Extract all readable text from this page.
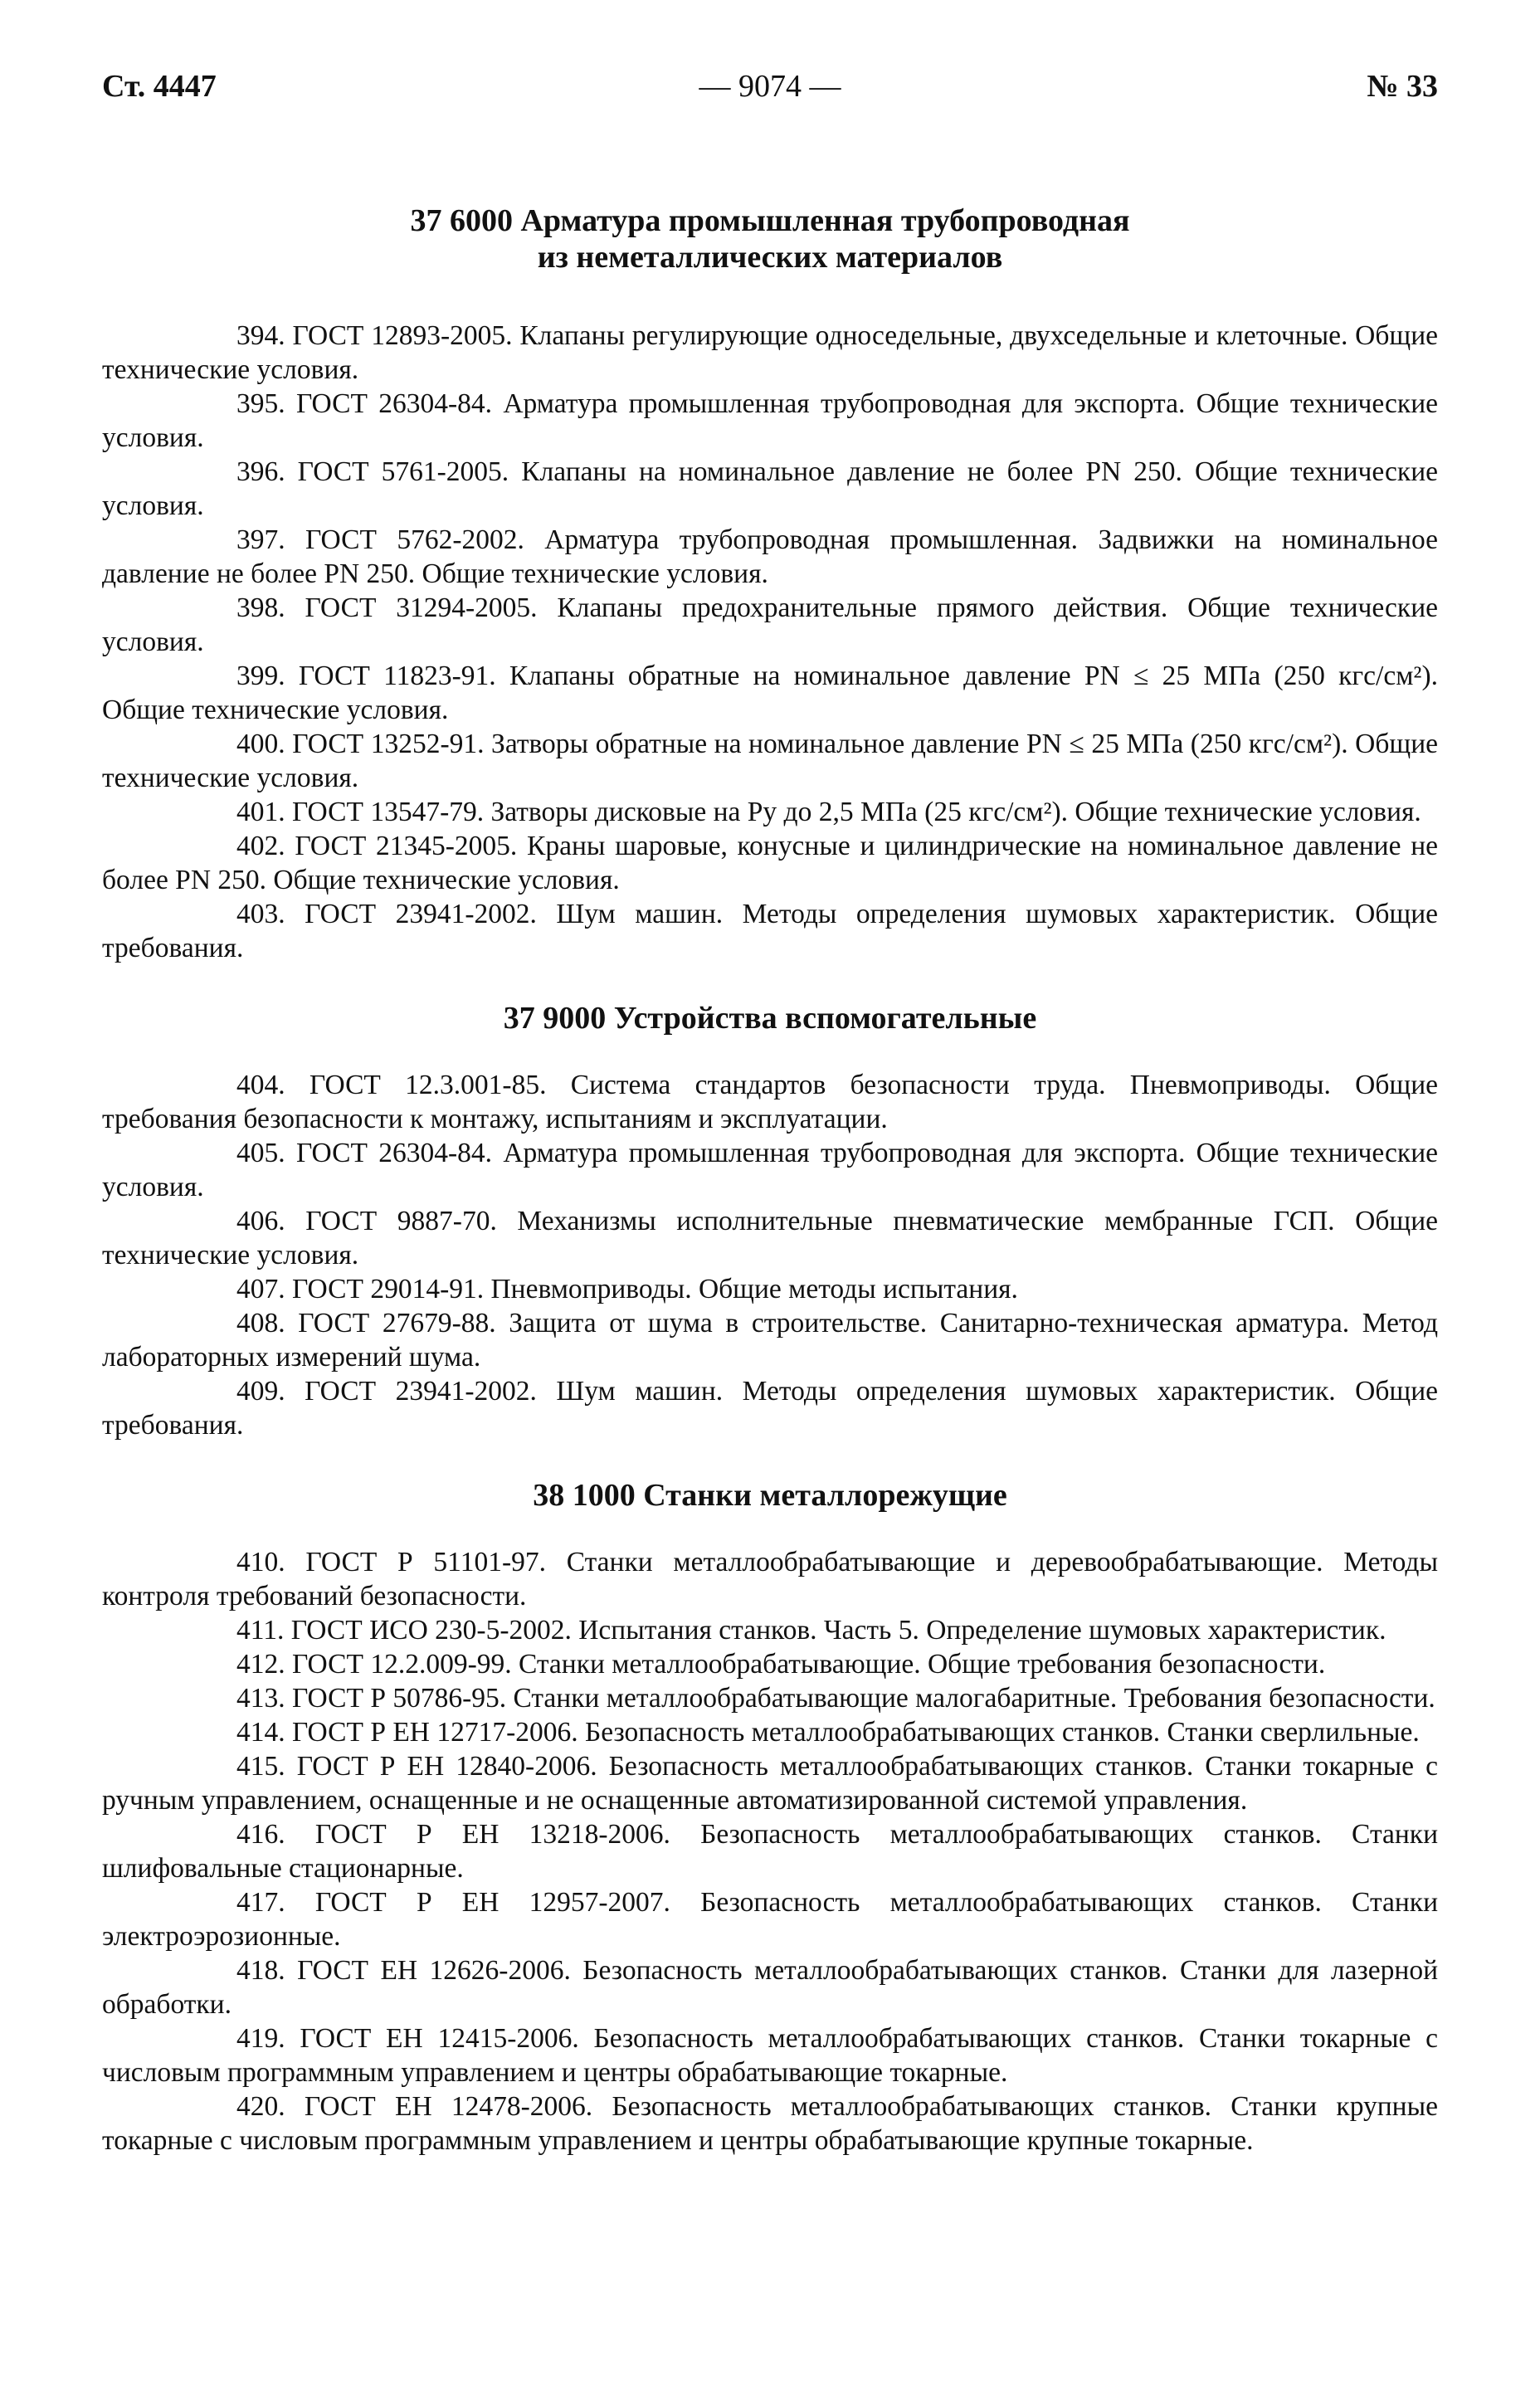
Ст. 4447	— 9074 —	№ 33
37 6000 Арматура промышленная трубопроводная
из неметаллических материалов

394. ГОСТ 12893-2005. Клапаны регулирующие односедельные, двухседельные и клеточные. Общие технические условия.

395. ГОСТ 26304-84. Арматура промышленная трубопроводная для экспорта. Общие технические условия.

396. ГОСТ 5761-2005. Клапаны на номинальное давление не более PN 250. Общие технические условия.

397. ГОСТ 5762-2002. Арматура трубопроводная промышленная. Задвижки на номинальное давление не более PN 250. Общие технические условия.

398. ГОСТ 31294-2005. Клапаны предохранительные прямого действия. Общие технические условия.

399. ГОСТ 11823-91. Клапаны обратные на номинальное давление PN ≤ 25 МПа (250 кгс/см²). Общие технические условия.

400. ГОСТ 13252-91. Затворы обратные на номинальное давление PN ≤ 25 МПа (250 кгс/см²). Общие технические условия.

401. ГОСТ 13547-79. Затворы дисковые на Pу до 2,5 МПа (25 кгс/см²). Общие технические условия.

402. ГОСТ 21345-2005. Краны шаровые, конусные и цилиндрические на номинальное давление не более PN 250. Общие технические условия.

403. ГОСТ 23941-2002. Шум машин. Методы определения шумовых характеристик. Общие требования.

37 9000 Устройства вспомогательные

404. ГОСТ 12.3.001-85. Система стандартов безопасности труда. Пневмоприводы. Общие требования безопасности к монтажу, испытаниям и эксплуатации.

405. ГОСТ 26304-84. Арматура промышленная трубопроводная для экспорта. Общие технические условия.

406. ГОСТ 9887-70. Механизмы исполнительные пневматические мембранные ГСП. Общие технические условия.

407. ГОСТ 29014-91. Пневмоприводы. Общие методы испытания.

408. ГОСТ 27679-88. Защита от шума в строительстве. Санитарно-техническая арматура. Метод лабораторных измерений шума.

409. ГОСТ 23941-2002. Шум машин. Методы определения шумовых характеристик. Общие требования.

38 1000 Станки металлорежущие

410. ГОСТ Р 51101-97. Станки металлообрабатывающие и деревообрабатывающие. Методы контроля требований безопасности.

411. ГОСТ ИСО 230-5-2002. Испытания станков. Часть 5. Определение шумовых характеристик.

412. ГОСТ 12.2.009-99. Станки металлообрабатывающие. Общие требования безопасности.

413. ГОСТ Р 50786-95. Станки металлообрабатывающие малогабаритные. Требования безопасности.

414. ГОСТ Р ЕН 12717-2006. Безопасность металлообрабатывающих станков. Станки сверлильные.

415. ГОСТ Р ЕН 12840-2006. Безопасность металлообрабатывающих станков. Станки токарные с ручным управлением, оснащенные и не оснащенные автоматизированной системой управления.

416. ГОСТ Р ЕН 13218-2006. Безопасность металлообрабатывающих станков. Станки шлифовальные стационарные.

417. ГОСТ Р ЕН 12957-2007. Безопасность металлообрабатывающих станков. Станки электроэрозионные.

418. ГОСТ ЕН 12626-2006. Безопасность металлообрабатывающих станков. Станки для лазерной обработки.

419. ГОСТ ЕН 12415-2006. Безопасность металлообрабатывающих станков. Станки токарные с числовым программным управлением и центры обрабатывающие токарные.

420. ГОСТ ЕН 12478-2006. Безопасность металлообрабатывающих станков. Станки крупные токарные с числовым программным управлением и центры обрабатывающие крупные токарные.
